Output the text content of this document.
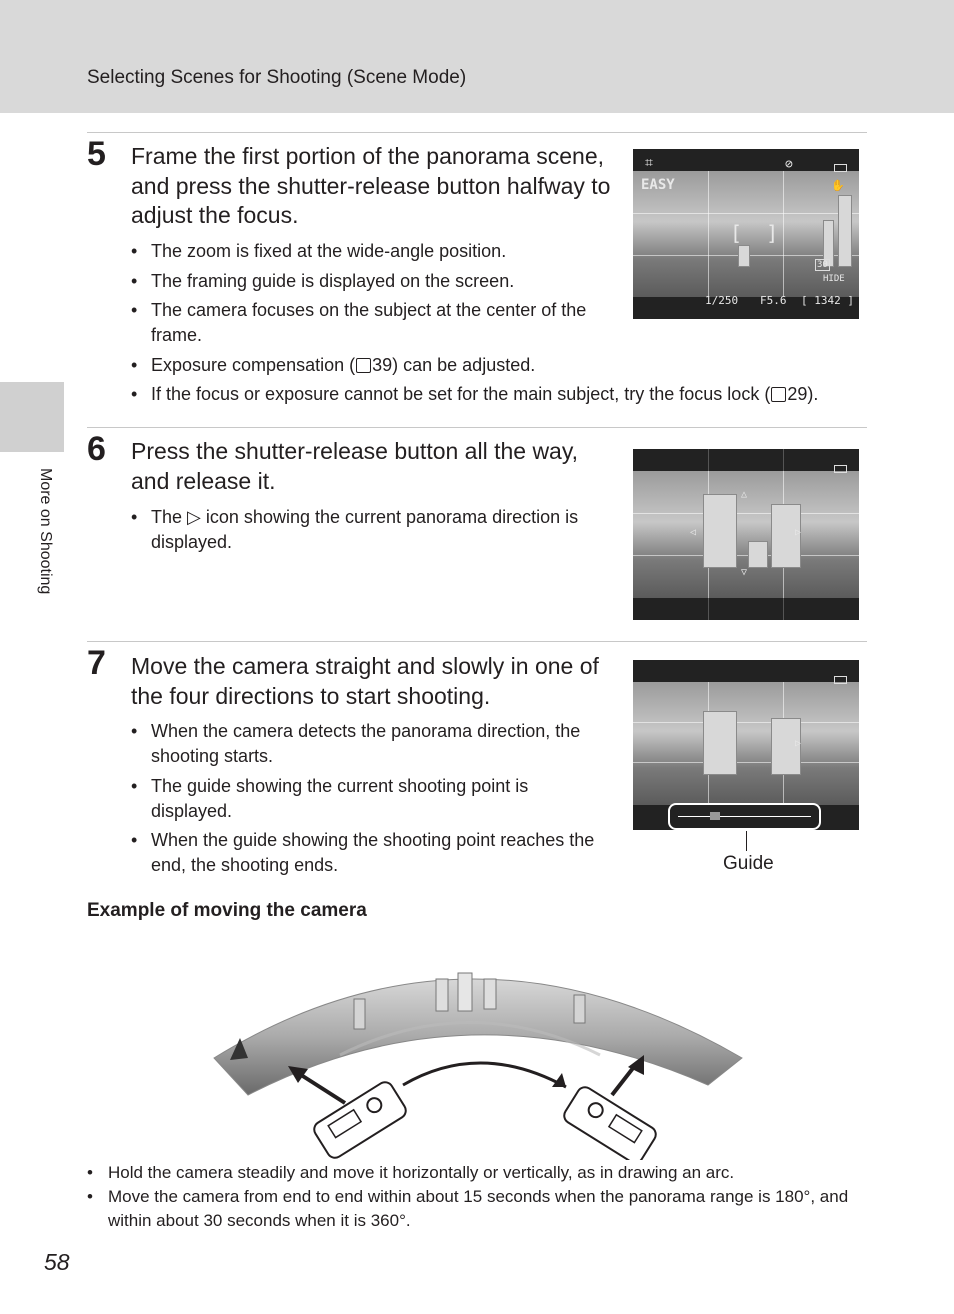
Selecting Scenes for Shooting (Scene Mode)
More on Shooting
5 Frame the first portion of the panorama scene, and press the shutter-release button halfway to adjust the focus.
• The zoom is fixed at the wide-angle position.
• The framing guide is displayed on the screen.
• The camera focuses on the subject at the center of the frame.
• Exposure compensation ( 39) can be adjusted.
• If the focus or exposure cannot be set for the main subject, try the focus lock ( 29).
[  ]
⌗
EASY
⊘
✋
30
HIDE
1/250 F5.6 [ 1342 ]
6 Press the shutter-release button all the way, and release it.
• The ▷ icon showing the current panorama direction is displayed.
△
◁	▷
▽
7 Move the camera straight and slowly in one of the four directions to start shooting.
• When the camera detects the panorama direction, the shooting starts.
• The guide showing the current shooting point is displayed.
• When the guide showing the shooting point reaches the end, the shooting ends.
▷
Guide
Example of moving the camera
• Hold the camera steadily and move it horizontally or vertically, as in drawing an arc.
• Move the camera from end to end within about 15 seconds when the panorama range is 180°, and within about 30 seconds when it is 360°.
58
